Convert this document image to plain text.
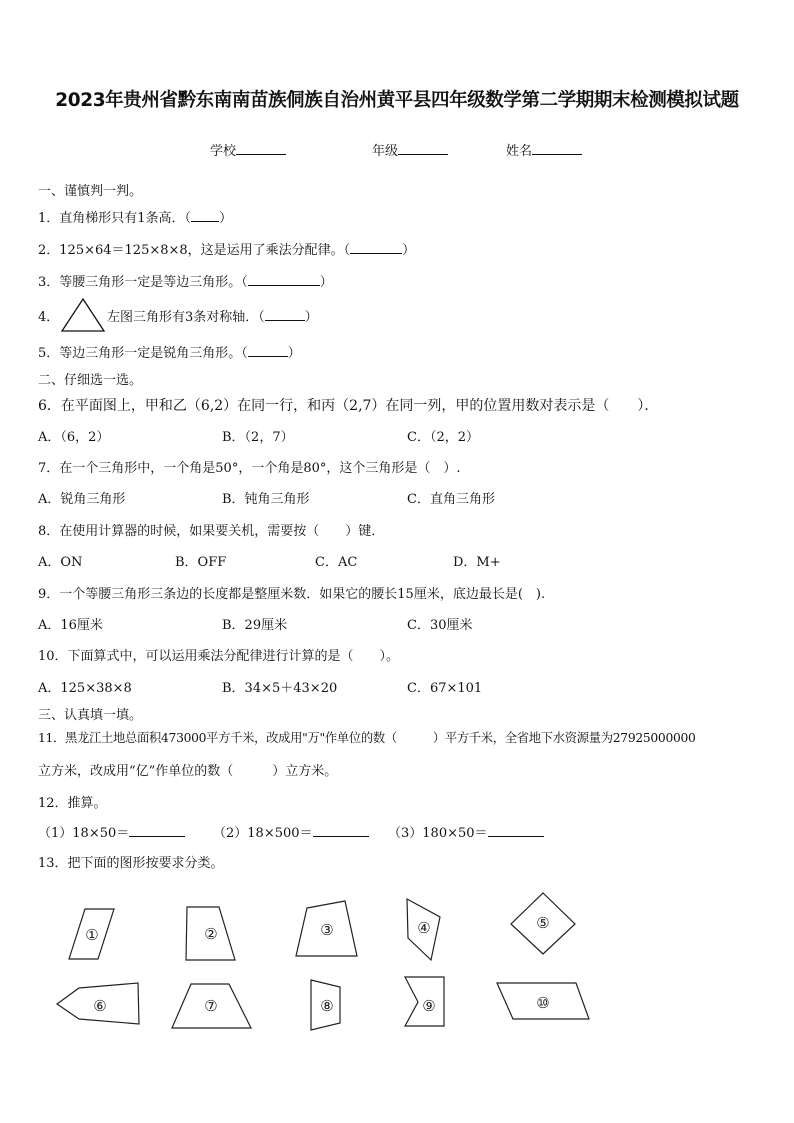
2023年贵州省黔东南南苗族侗族自治州黄平县四年级数学第二学期期末检测模拟试题
学校	年级	姓名
一、谨慎判一判。
1．直角梯形只有1条高．（ ）
2．125×64＝125×8×8，这是运用了乘法分配律。（	）
3．等腰三角形一定是等边三角形。（	）
4．	左图三角形有3条对称轴．（	）
5．等边三角形一定是锐角三角形。（	）
二、仔细选一选。
6．在平面图上，甲和乙（6,2）在同一行，和丙（2,7）在同一列，甲的位置用数对表示是（　　）．
A．（6，2）	B．（2，7）	C．（2，2）
7．在一个三角形中，一个角是50°，一个角是80°，这个三角形是（　）.
A．锐角三角形	B．钝角三角形	C．直角三角形
8．在使用计算器的时候，如果要关机，需要按（　　）键．
A．ON	B．OFF	C．AC	D．M+
9．一个等腰三角形三条边的长度都是整厘米数．如果它的腰长15厘米，底边最长是(　).
A．16厘米	B．29厘米	C．30厘米
10．下面算式中，可以运用乘法分配律进行计算的是（　　）。
A．125×38×8	B．34×5＋43×20	C．67×101
三、认真填一填。
11．黑龙江土地总面积473000平方千米，改成用"万"作单位的数（　　　）平方千米，全省地下水资源量为27925000000
立方米，改成用“亿”作单位的数（　　　）立方米。
12．推算。
（1）18×50＝	（2）18×500＝	（3）180×50＝
13．把下面的图形按要求分类。
①	②	③	④	⑤
⑥	⑦	⑧	⑨	⑩
